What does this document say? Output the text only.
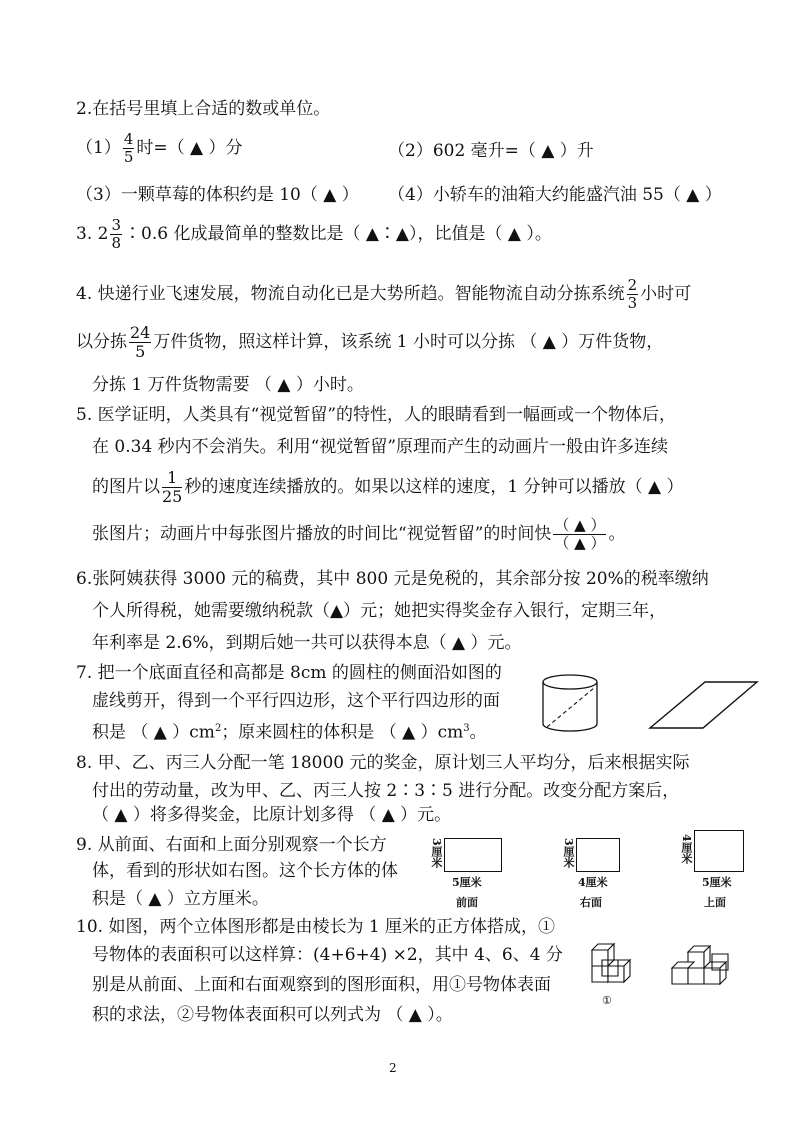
2.在括号里填上合适的数或单位。
$(1) \frac{4}{5}$ 时=（ ▲ ）分	（2）602 毫升=（ ▲ ）升
（3）一颗草莓的体积约是 10（ ▲ ） （4）小轿车的油箱大约能盛汽油 55（ ▲ ）
3. $2 \frac{3}{8}$ ∶0.6 化成最简单的整数比是（ ▲∶▲），比值是（ ▲ ）。
4. 快递行业飞速发展，物流自动化已是大势所趋。智能物流自动分拣系统 $\frac{2}{3}$ 小时可
以分拣 $\frac{24}{5}$ 万件货物，照这样计算，该系统 1 小时可以分拣 （ ▲ ）万件货物，
分拣 1 万件货物需要 （ ▲ ）小时。
5. 医学证明，人类具有“视觉暂留”的特性，人的眼睛看到一幅画或一个物体后，
在 0.34 秒内不会消失。利用“视觉暂留”原理而产生的动画片一般由许多连续
的图片以 $\frac{1}{25}$ 秒的速度连续播放的。如果以这样的速度，1 分钟可以播放（ ▲ ）
张图片；动画片中每张图片播放的时间比“视觉暂留”的时间快 $\frac{( ▲ )}{( ▲ )}$ 。
6.张阿姨获得 3000 元的稿费，其中 800 元是免税的，其余部分按 20%的税率缴纳
个人所得税，她需要缴纳税款（▲）元；她把实得奖金存入银行，定期三年，
年利率是 2.6%，到期后她一共可以获得本息（ ▲ ）元。
7. 把一个底面直径和高都是 8cm 的圆柱的侧面沿如图的
虚线剪开，得到一个平行四边形，这个平行四边形的面
积是 （ ▲ ）$cm^2$；原来圆柱的体积是 （ ▲ ）$cm^3$。
8. 甲、乙、丙三人分配一笔 18000 元的奖金，原计划三人平均分，后来根据实际
付出的劳动量，改为甲、乙、丙三人按 2∶3∶5 进行分配。改变分配方案后，
（ ▲ ）将多得奖金，比原计划多得 （ ▲ ）元。
9. 从前面、右面和上面分别观察一个长方
体，看到的形状如右图。这个长方体的体
积是（ ▲ ）立方厘米。
3厘米
5厘米
前面
3厘米
4厘米
右面
4厘米
5厘米
上面
10. 如图，两个立体图形都是由棱长为 1 厘米的正方体搭成，①
号物体的表面积可以这样算：(4+6+4) ×2，其中 4、6、4 分
别是从前面、上面和右面观察到的图形面积，用①号物体表面
积的求法，②号物体表面积可以列式为 （ ▲ ）。
①
2
